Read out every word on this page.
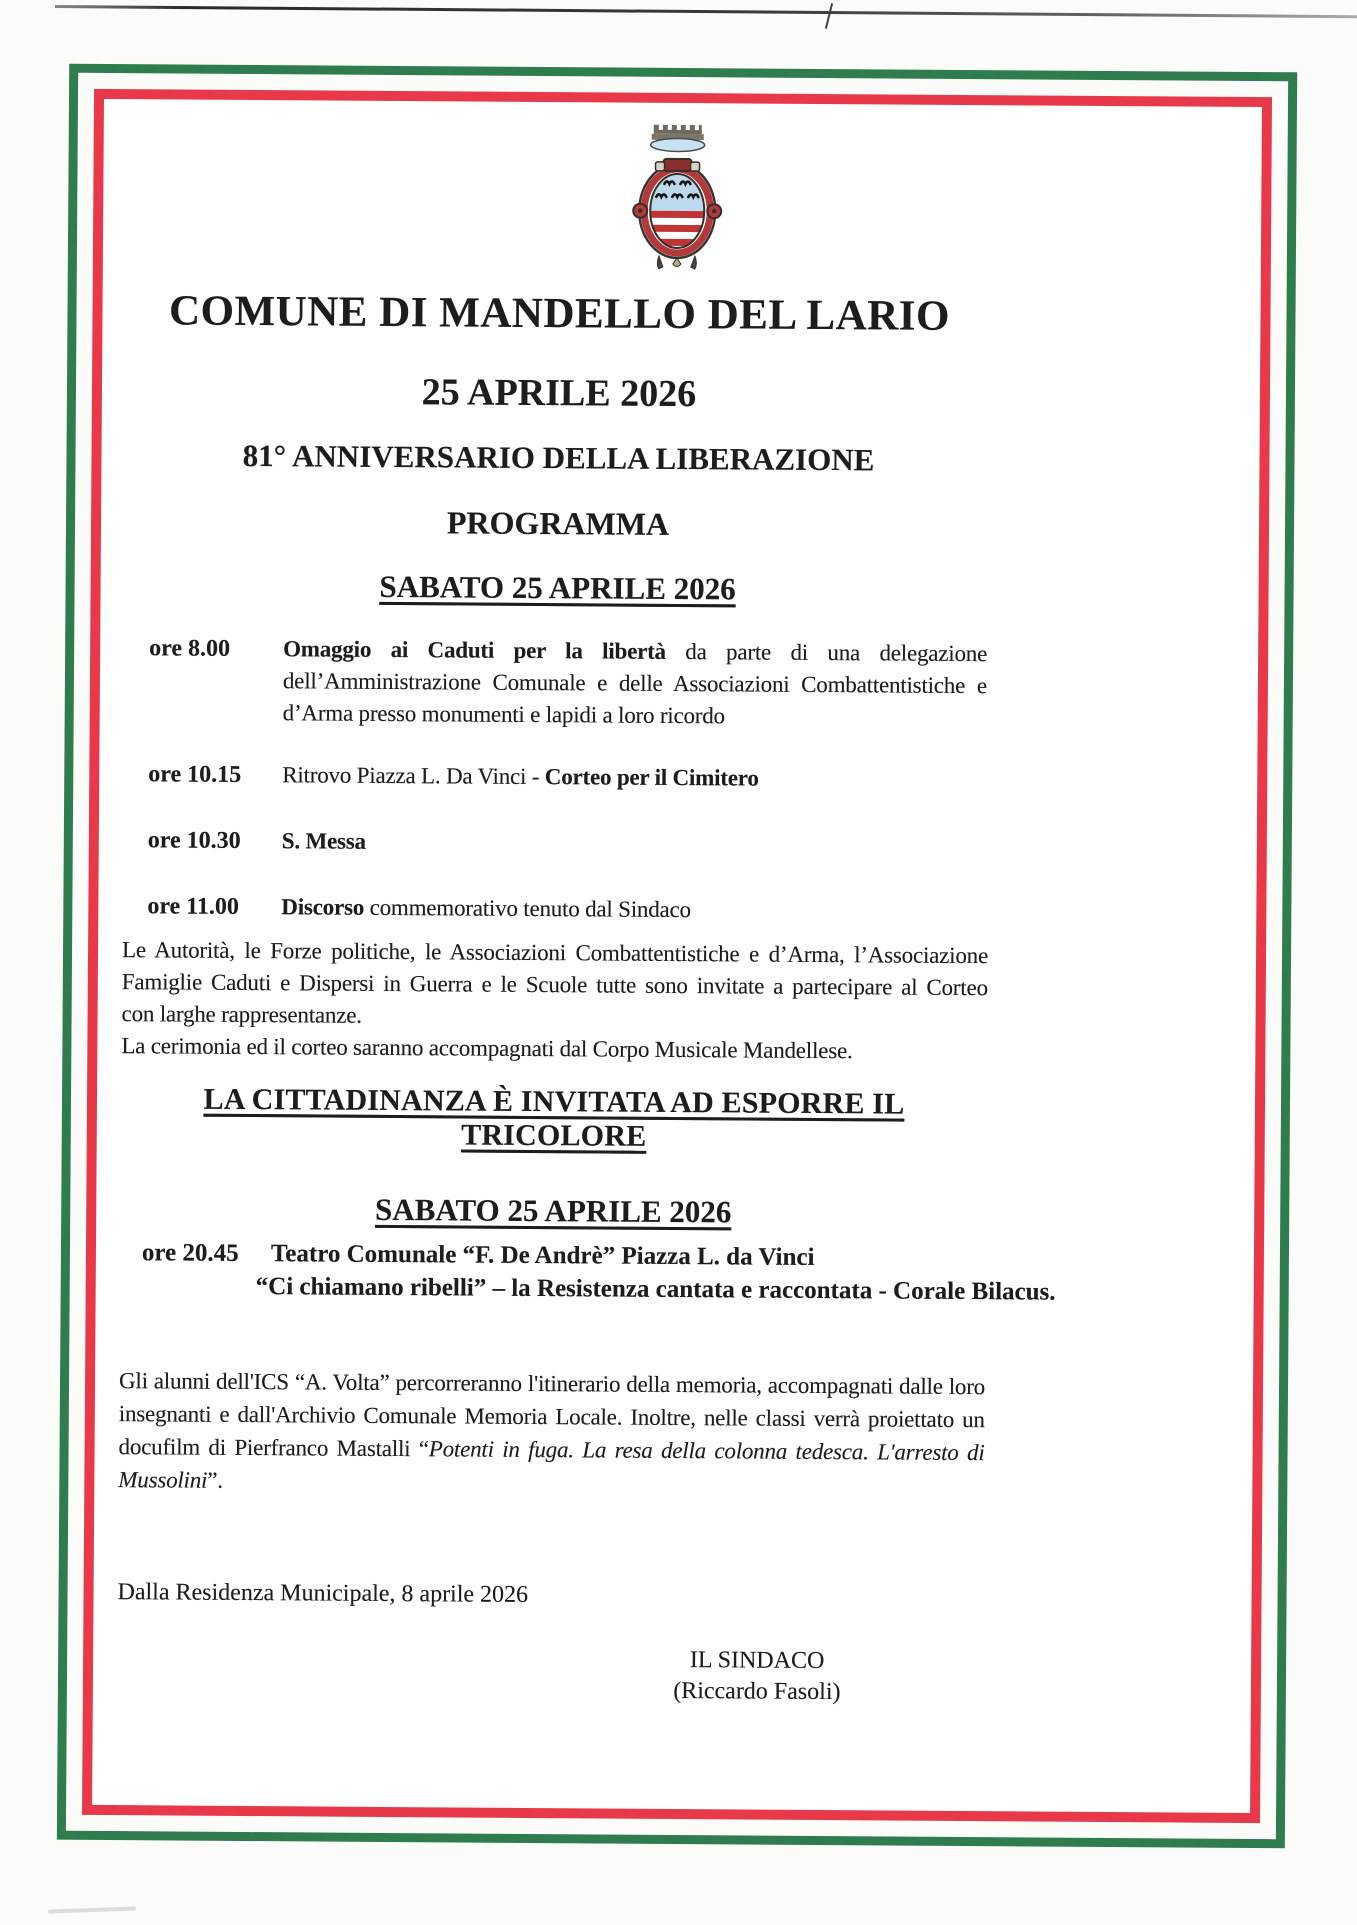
COMUNE DI MANDELLO DEL LARIO
25 APRILE 2026
81° ANNIVERSARIO DELLA LIBERAZIONE
PROGRAMMA
SABATO 25 APRILE 2026
ore 8.00	Omaggio ai Caduti per la libertà da parte di una delegazione
dell’Amministrazione Comunale e delle Associazioni Combattentistiche e
d’Arma presso monumenti e lapidi a loro ricordo
ore 10.15	Ritrovo Piazza L. Da Vinci - Corteo per il Cimitero
ore 10.30	S. Messa
ore 11.00	Discorso commemorativo tenuto dal Sindaco
Le Autorità, le Forze politiche, le Associazioni Combattentistiche e d’Arma, l’Associazione
Famiglie Caduti e Dispersi in Guerra e le Scuole tutte sono invitate a partecipare al Corteo
con larghe rappresentanze.
La cerimonia ed il corteo saranno accompagnati dal Corpo Musicale Mandellese.
LA CITTADINANZA È INVITATA AD ESPORRE IL TRICOLORE
SABATO 25 APRILE 2026
ore 20.45 Teatro Comunale “F. De Andrè” Piazza L. da Vinci
“Ci chiamano ribelli” – la Resistenza cantata e raccontata - Corale Bilacus.
Gli alunni dell'ICS “A. Volta” percorreranno l'itinerario della memoria, accompagnati dalle loro
insegnanti e dall'Archivio Comunale Memoria Locale. Inoltre, nelle classi verrà proiettato un
docufilm di Pierfranco Mastalli “Potenti in fuga. La resa della colonna tedesca. L'arresto di
Mussolini”.
Dalla Residenza Municipale, 8 aprile 2026
IL SINDACO
(Riccardo Fasoli)
